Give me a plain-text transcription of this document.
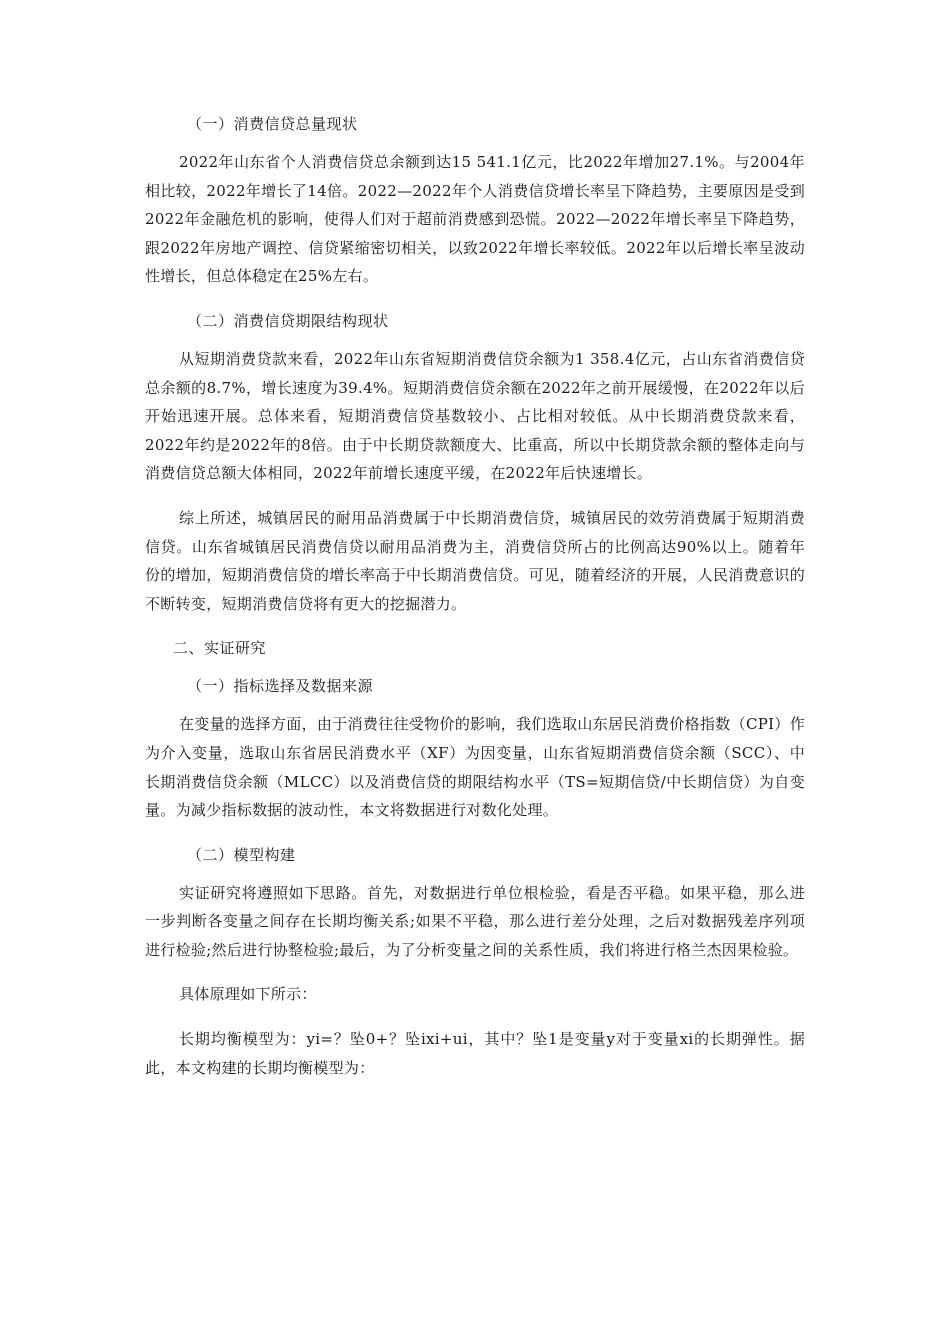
（一）消费信贷总量现状
2022年山东省个人消费信贷总余额到达15 541.1亿元，比2022年增加27.1%。与2004年相比较，2022年增长了14倍。2022—2022年个人消费信贷增长率呈下降趋势，主要原因是受到2022年金融危机的影响，使得人们对于超前消费感到恐慌。2022—2022年增长率呈下降趋势，跟2022年房地产调控、信贷紧缩密切相关，以致2022年增长率较低。2022年以后增长率呈波动性增长，但总体稳定在25%左右。
（二）消费信贷期限结构现状
从短期消费贷款来看，2022年山东省短期消费信贷余额为1 358.4亿元，占山东省消费信贷总余额的8.7%，增长速度为39.4%。短期消费信贷余额在2022年之前开展缓慢，在2022年以后开始迅速开展。总体来看，短期消费信贷基数较小、占比相对较低。从中长期消费贷款来看，2022年约是2022年的8倍。由于中长期贷款额度大、比重高，所以中长期贷款余额的整体走向与消费信贷总额大体相同，2022年前增长速度平缓，在2022年后快速增长。
综上所述，城镇居民的耐用品消费属于中长期消费信贷，城镇居民的效劳消费属于短期消费信贷。山东省城镇居民消费信贷以耐用品消费为主，消费信贷所占的比例高达90%以上。随着年份的增加，短期消费信贷的增长率高于中长期消费信贷。可见，随着经济的开展，人民消费意识的不断转变，短期消费信贷将有更大的挖掘潜力。
二、实证研究
（一）指标选择及数据来源
在变量的选择方面，由于消费往往受物价的影响，我们选取山东居民消费价格指数（CPI）作为介入变量，选取山东省居民消费水平（XF）为因变量，山东省短期消费信贷余额（SCC）、中长期消费信贷余额（MLCC）以及消费信贷的期限结构水平（TS=短期信贷/中长期信贷）为自变量。为减少指标数据的波动性，本文将数据进行对数化处理。
（二）模型构建
实证研究将遵照如下思路。首先，对数据进行单位根检验，看是否平稳。如果平稳，那么进一步判断各变量之间存在长期均衡关系;如果不平稳，那么进行差分处理，之后对数据残差序列项进行检验;然后进行协整检验;最后，为了分析变量之间的关系性质，我们将进行格兰杰因果检验。
具体原理如下所示：
长期均衡模型为：yi=？坠0+？坠ixi+ui，其中？坠1是变量y对于变量xi的长期弹性。据此，本文构建的长期均衡模型为：
